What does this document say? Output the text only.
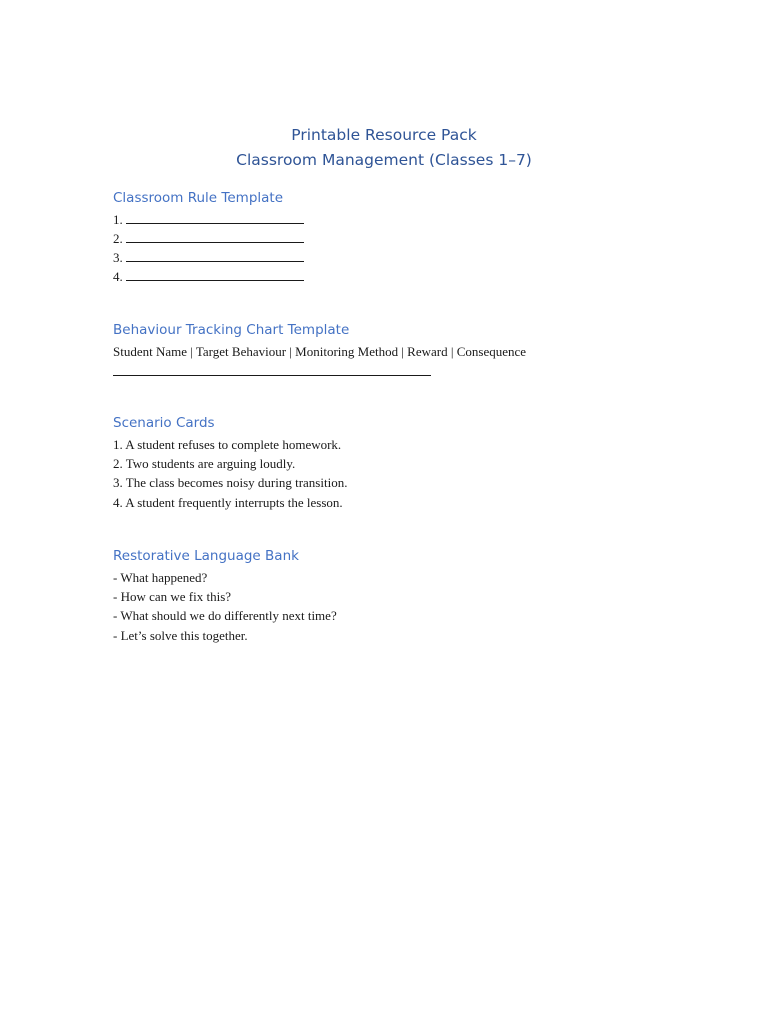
Printable Resource Pack
Classroom Management (Classes 1–7)
Classroom Rule Template
1.
2.
3.
4.
Behaviour Tracking Chart Template
Student Name | Target Behaviour | Monitoring Method | Reward | Consequence
Scenario Cards
1. A student refuses to complete homework.
2. Two students are arguing loudly.
3. The class becomes noisy during transition.
4. A student frequently interrupts the lesson.
Restorative Language Bank
- What happened?
- How can we fix this?
- What should we do differently next time?
- Let’s solve this together.
